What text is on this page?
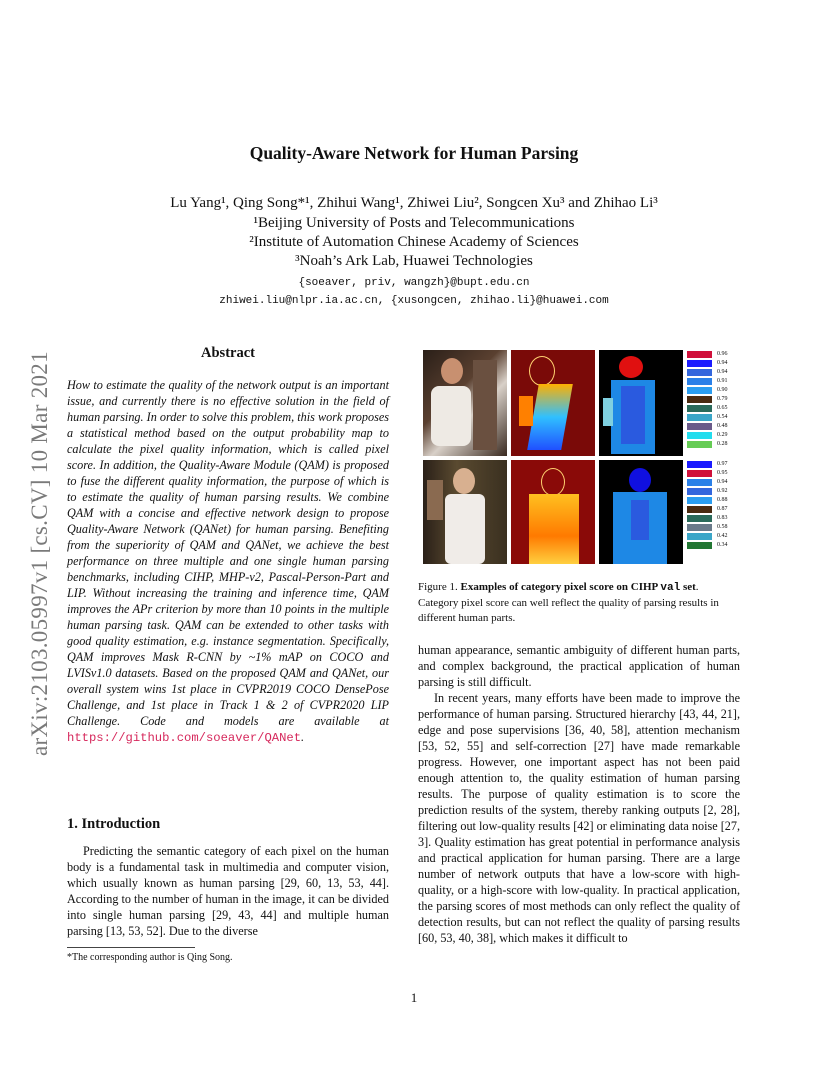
arXiv:2103.05997v1 [cs.CV] 10 Mar 2021
Quality-Aware Network for Human Parsing
Lu Yang¹, Qing Song*¹, Zhihui Wang¹, Zhiwei Liu², Songcen Xu³ and Zhihao Li³
¹Beijing University of Posts and Telecommunications
²Institute of Automation Chinese Academy of Sciences
³Noah’s Ark Lab, Huawei Technologies
{soeaver, priv, wangzh}@bupt.edu.cn
zhiwei.liu@nlpr.ia.ac.cn, {xusongcen, zhihao.li}@huawei.com
Abstract
How to estimate the quality of the network output is an important issue, and currently there is no effective solution in the field of human parsing. In order to solve this problem, this work proposes a statistical method based on the output probability map to calculate the pixel quality information, which is called pixel score. In addition, the Quality-Aware Module (QAM) is proposed to fuse the different quality information, the purpose of which is to estimate the quality of human parsing results. We combine QAM with a concise and effective network design to propose Quality-Aware Network (QANet) for human parsing. Benefiting from the superiority of QAM and QANet, we achieve the best performance on three multiple and one single human parsing benchmarks, including CIHP, MHP-v2, Pascal-Person-Part and LIP. Without increasing the training and inference time, QAM improves the APr criterion by more than 10 points in the multiple human parsing task. QAM can be extended to other tasks with good quality estimation, e.g. instance segmentation. Specifically, QAM improves Mask R-CNN by ~1% mAP on COCO and LVISv1.0 datasets. Based on the proposed QAM and QANet, our overall system wins 1st place in CVPR2019 COCO DensePose Challenge, and 1st place in Track 1 & 2 of CVPR2020 LIP Challenge. Code and models are available at https://github.com/soeaver/QANet.
1. Introduction
Predicting the semantic category of each pixel on the human body is a fundamental task in multimedia and computer vision, which usually known as human parsing [29, 60, 13, 53, 44]. According to the number of human in the image, it can be divided into single human parsing [29, 43, 44] and multiple human parsing [13, 53, 52]. Due to the diverse
*The corresponding author is Qing Song.
0.96
0.94
0.94
0.91
0.90
0.79
0.65
0.54
0.48
0.29
0.28
0.97
0.95
0.94
0.92
0.88
0.87
0.83
0.58
0.42
0.34
Figure 1. Examples of category pixel score on CIHP val set. Category pixel score can well reflect the quality of parsing results in different human parts.
human appearance, semantic ambiguity of different human parts, and complex background, the practical application of human parsing is still difficult.
In recent years, many efforts have been made to improve the performance of human parsing. Structured hierarchy [43, 44, 21], edge and pose supervisions [36, 40, 58], attention mechanism [53, 52, 55] and self-correction [27] have made remarkable progress. However, one important aspect has not been paid enough attention to, the quality estimation of human parsing results. The purpose of quality estimation is to score the prediction results of the system, thereby ranking outputs [2, 28], filtering out low-quality results [42] or eliminating data noise [27, 3]. Quality estimation has great potential in performance analysis and practical application for human parsing. There are a large number of network outputs that have a low-score with high-quality, or a high-score with low-quality. In practical application, the parsing scores of most methods can only reflect the quality of detection results, but can not reflect the quality of parsing results [60, 53, 40, 38], which makes it difficult to
1
